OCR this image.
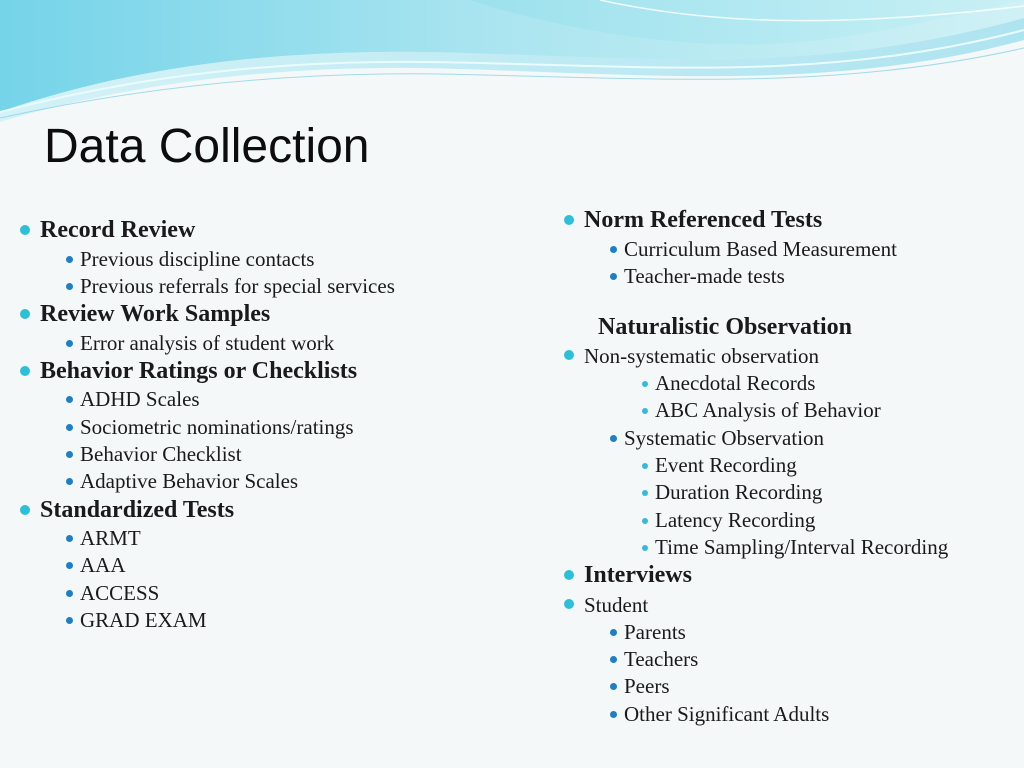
Data Collection
Record Review
Previous discipline contacts
Previous referrals for special services
Review Work Samples
Error analysis of student work
Behavior Ratings or Checklists
ADHD Scales
Sociometric nominations/ratings
Behavior Checklist
Adaptive Behavior Scales
Standardized Tests
ARMT
AAA
ACCESS
GRAD EXAM
Norm Referenced Tests
Curriculum Based Measurement
Teacher-made tests
Naturalistic Observation
Non-systematic observation
Anecdotal Records
ABC Analysis of Behavior
Systematic Observation
Event Recording
Duration Recording
Latency Recording
Time Sampling/Interval Recording
Interviews
Student
Parents
Teachers
Peers
Other Significant Adults
